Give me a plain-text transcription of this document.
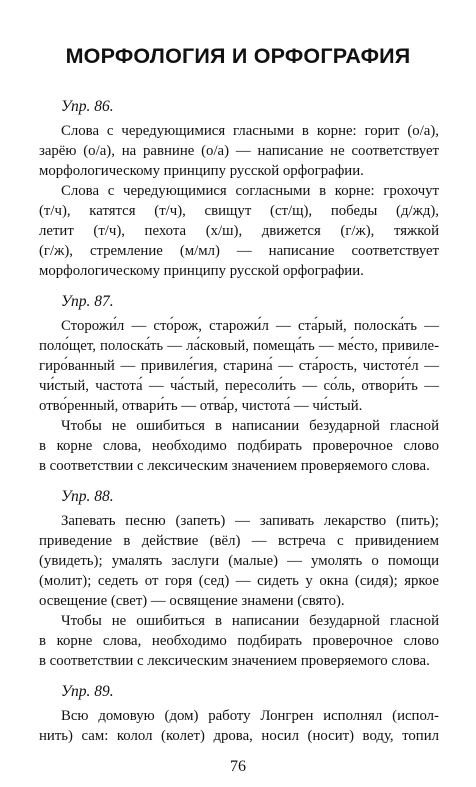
МОРФОЛОГИЯ И ОРФОГРАФИЯ
Упр. 86.
Слова с чередующимися гласными в корне: горит (о/а),
зарёю (о/а), на равнине (о/а) — написание не соответствует
морфологическому принципу русской орфографии.
Слова с чередующимися согласными в корне: грохочут
(т/ч), катятся (т/ч), свищут (ст/щ), победы (д/жд),
летит (т/ч), пехота (х/ш), движется (г/ж), тяжкой
(г/ж), стремление (м/мл) — написание соответствует
морфологическому принципу русской орфографии.
Упр. 87.
Сторожи́л — сто́рож, старожи́л — ста́рый, полоска́ть —
поло́щет, полоска́ть — ла́сковый, помеща́ть — ме́сто, привиле-
гиро́ванный — привиле́гия, старина́ — ста́рость, чистоте́л —
чи́стый, частота́ — ча́стый, пересоли́ть — со́ль, отвори́ть —
отво́ренный, отвари́ть — отва́р, чистота́ — чи́стый.
Чтобы не ошибиться в написании безударной гласной
в корне слова, необходимо подбирать проверочное слово
в соответствии с лексическим значением проверяемого слова.
Упр. 88.
Запевать песню (запеть) — запивать лекарство (пить);
приведение в действие (вёл) — встреча с привидением
(увидеть); умалять заслуги (малые) — умолять о помощи
(молит); седеть от горя (сед) — сидеть у окна (сидя); яркое
освещение (свет) — освящение знамени (свято).
Чтобы не ошибиться в написании безударной гласной
в корне слова, необходимо подбирать проверочное слово
в соответствии с лексическим значением проверяемого слова.
Упр. 89.
Всю домовую (дом) работу Лонгрен исполнял (испол-
нить) сам: колол (колет) дрова, носил (носит) воду, топил
76
